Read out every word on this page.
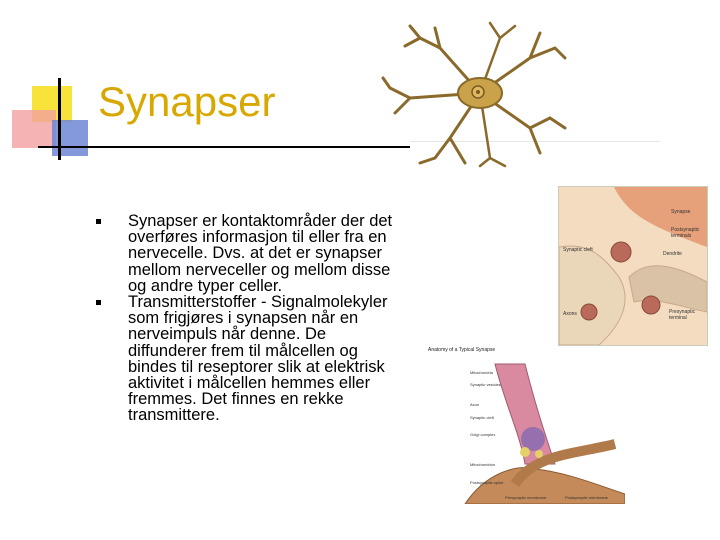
Synapser
Synapser er kontaktområder der det overføres informasjon til eller fra en nervecelle. Dvs. at det er synapser mellom nerveceller og mellom disse og andre typer celler.
Transmitterstoffer - Signalmolekyler som frigjøres i synapsen når en nerveimpuls når denne. De diffunderer frem til målcellen og bindes til reseptorer slik at elektrisk aktivitet i målcellen hemmes eller fremmes. Det finnes en rekke transmittere.
Synapse
Postsynaptic terminals
Synaptic cleft
Dendrite
Axons	Presynaptic terminal
Anatomy of a Typical Synapse
Mitochondria
Synaptic vesicles
Axon
Synaptic cleft
Golgi complex
Mitochondrion
Postsynaptic spine
Presynaptic membrane	Postsynaptic membrane
